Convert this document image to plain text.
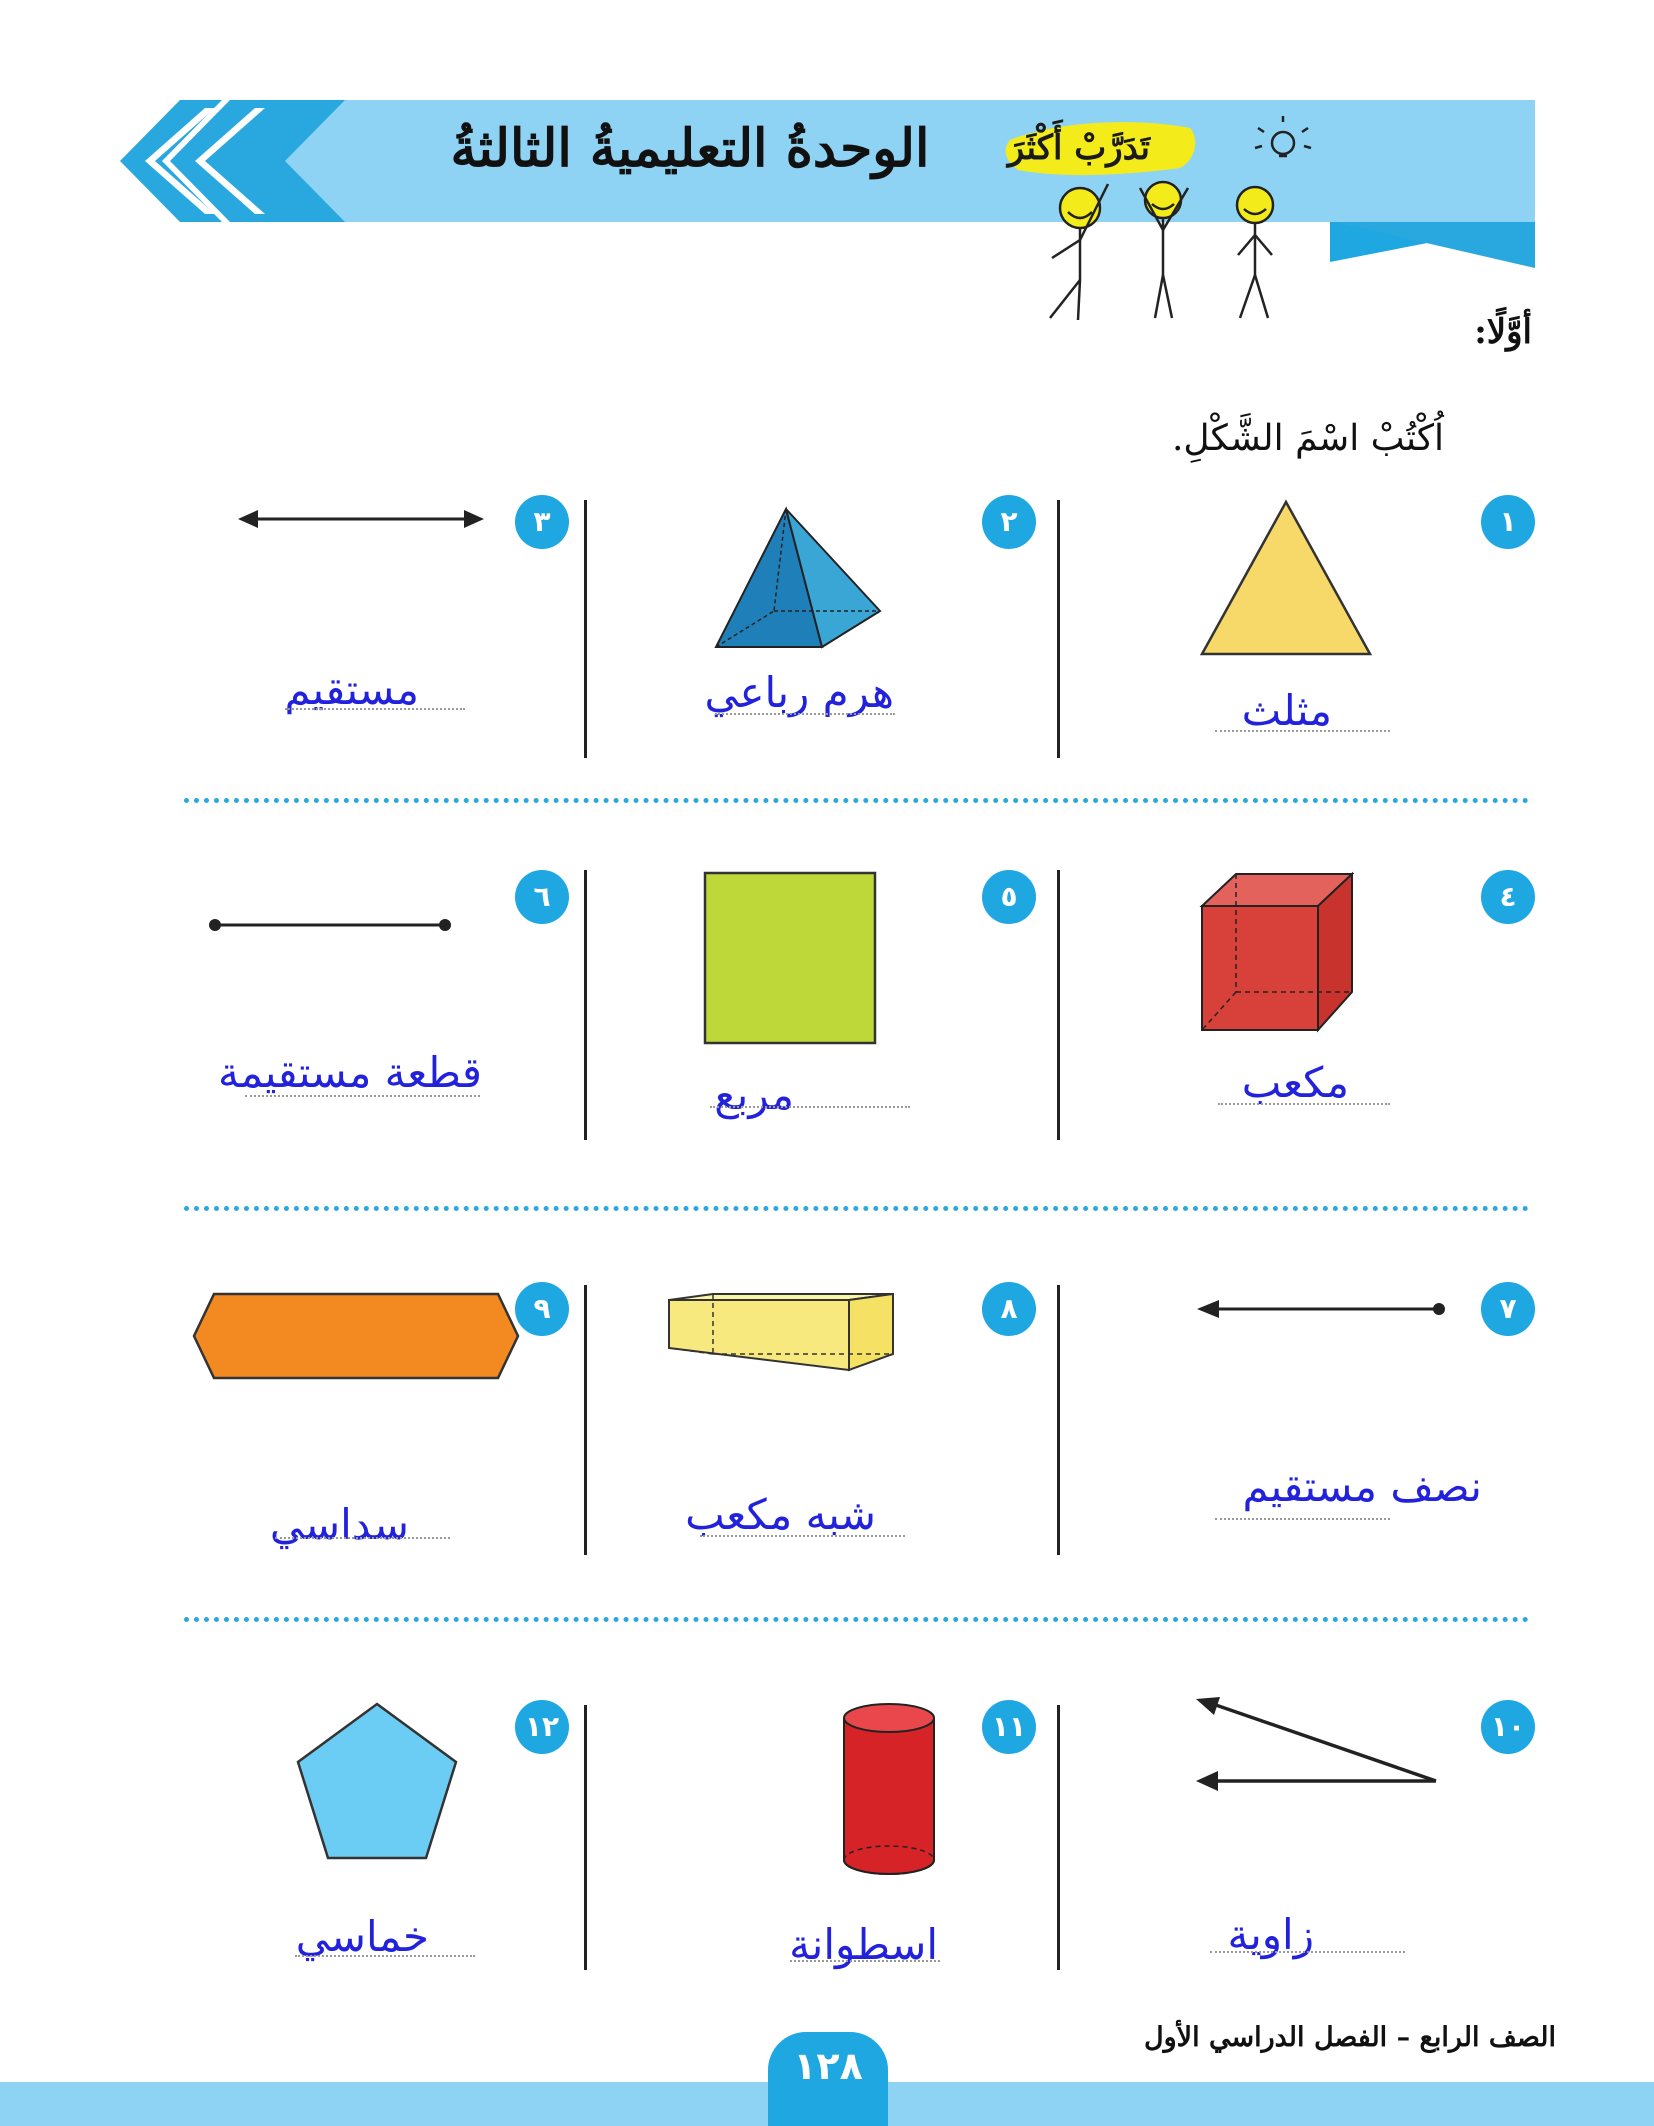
الوحدةُ التعليميةُ الثالثةُ	تَدَرَّبْ أَكْثَرَ
أوَّلًا:
اُكْتُبْ اسْمَ الشَّكْلِ.
١
مثلث
٢
هرم رباعي
٣
مستقيم
٤
مكعب
٥
مربع
٦
قطعة مستقيمة
٧
نصف مستقيم
٨
شبه مكعب
٩
سداسي
١٠
زاوية
١١
اسطوانة
١٢
خماسي
الصف الرابع – الفصل الدراسي الأول
١٢٨
